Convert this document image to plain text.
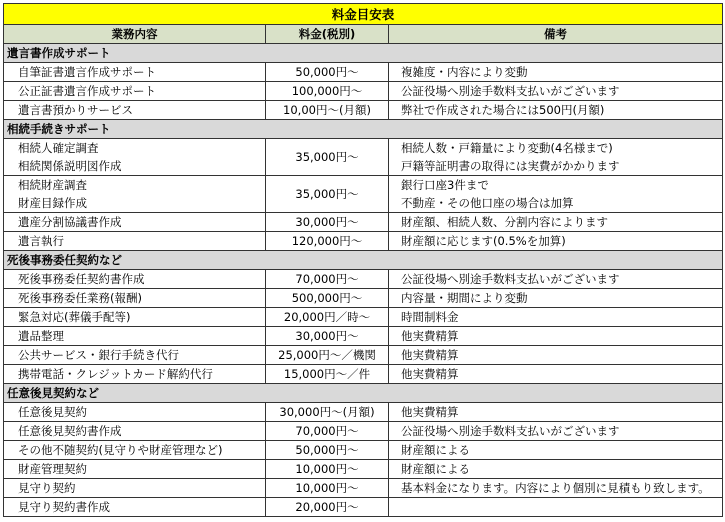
料金目安表		
業務内容	料金(税別)	備考
遺言書作成サポート		
自筆証書遺言作成サポート	50,000円～	複雑度・内容により変動
公正証書遺言作成サポート	100,000円～	公証役場へ別途手数料支払いがございます
遺言書預かりサービス	10,00円～(月額)	弊社で作成された場合には500円(月額)
相続手続きサポート		
相続人確定調査	35,000円～	相続人数・戸籍量により変動(4名様まで)
相続関係説明図作成		戸籍等証明書の取得には実費がかかります
相続財産調査	35,000円～	銀行口座3件まで
財産目録作成		不動産・その他口座の場合は加算
遺産分割協議書作成	30,000円～	財産額、相続人数、分割内容によります
遺言執行	120,000円～	財産額に応じます(0.5%を加算)
死後事務委任契約など		
死後事務委任契約書作成	70,000円～	公証役場へ別途手数料支払いがございます
死後事務委任業務(報酬)	500,000円～	内容量・期間により変動
緊急対応(葬儀手配等)	20,000円／時～	時間制料金
遺品整理	30,000円～	他実費精算
公共サービス・銀行手続き代行	25,000円～／機関	他実費精算
携帯電話・クレジットカード解約代行	15,000円～／件	他実費精算
任意後見契約など		
任意後見契約	30,000円～(月額)	他実費精算
任意後見契約書作成	70,000円～	公証役場へ別途手数料支払いがございます
その他不随契約(見守りや財産管理など)	50,000円～	財産額による
財産管理契約	10,000円～	財産額による
見守り契約	10,000円～	基本料金になります。内容により個別に見積もり致します。
見守り契約書作成	20,000円～	
